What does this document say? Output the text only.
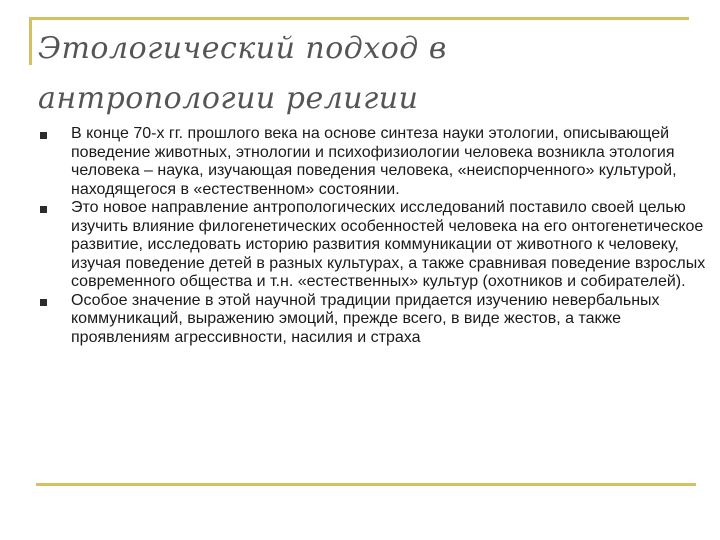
Этологический подход в антропологии религии
В конце 70-х гг. прошлого века на основе синтеза науки этологии, описывающей поведение животных, этнологии и психофизиологии человека возникла этология человека – наука, изучающая поведения человека, «неиспорченного» культурой, находящегося в «естественном» состоянии.
Это новое направление антропологических исследований поставило своей целью изучить влияние филогенетических особенностей человека на его онтогенетическое развитие, исследовать историю развития коммуникации от животного к человеку, изучая поведение детей в разных культурах, а также сравнивая поведение взрослых современного общества и т.н. «естественных» культур (охотников и собирателей).
Особое значение в этой научной традиции придается изучению невербальных коммуникаций, выражению эмоций, прежде всего, в виде жестов, а также проявлениям агрессивности, насилия и страха
